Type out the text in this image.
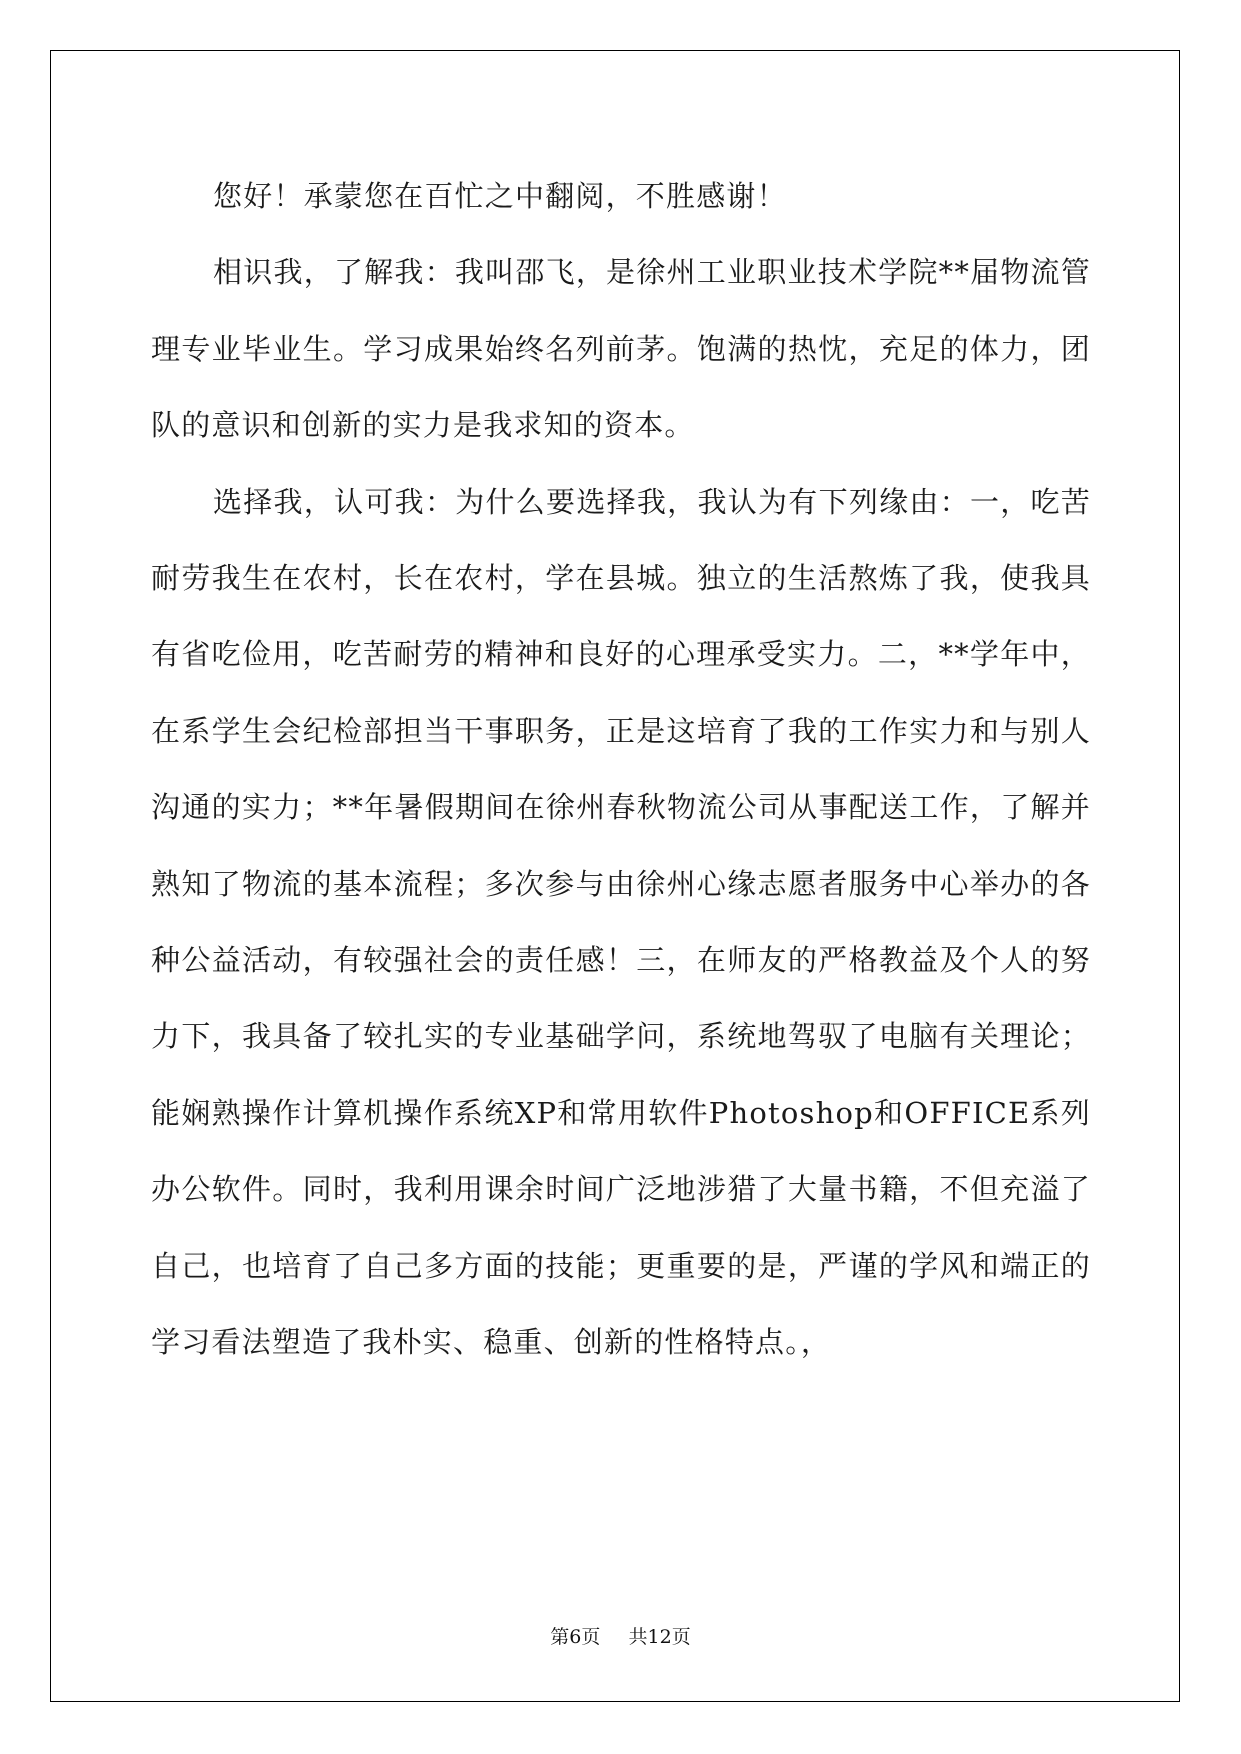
您好！承蒙您在百忙之中翻阅，不胜感谢！

相识我，了解我：我叫邵飞，是徐州工业职业技术学院**届物流管理专业毕业生。学习成果始终名列前茅。饱满的热忱，充足的体力，团队的意识和创新的实力是我求知的资本。

选择我，认可我：为什么要选择我，我认为有下列缘由：一，吃苦耐劳我生在农村，长在农村，学在县城。独立的生活熬炼了我，使我具有省吃俭用，吃苦耐劳的精神和良好的心理承受实力。二，**学年中，在系学生会纪检部担当干事职务，正是这培育了我的工作实力和与别人沟通的实力；**年暑假期间在徐州春秋物流公司从事配送工作，了解并熟知了物流的基本流程；多次参与由徐州心缘志愿者服务中心举办的各种公益活动，有较强社会的责任感！三，在师友的严格教益及个人的努力下，我具备了较扎实的专业基础学问，系统地驾驭了电脑有关理论；能娴熟操作计算机操作系统XP和常用软件Photoshop和OFFICE系列办公软件。同时，我利用课余时间广泛地涉猎了大量书籍，不但充溢了自己，也培育了自己多方面的技能；更重要的是，严谨的学风和端正的学习看法塑造了我朴实、稳重、创新的性格特点。，

第6页 共12页
